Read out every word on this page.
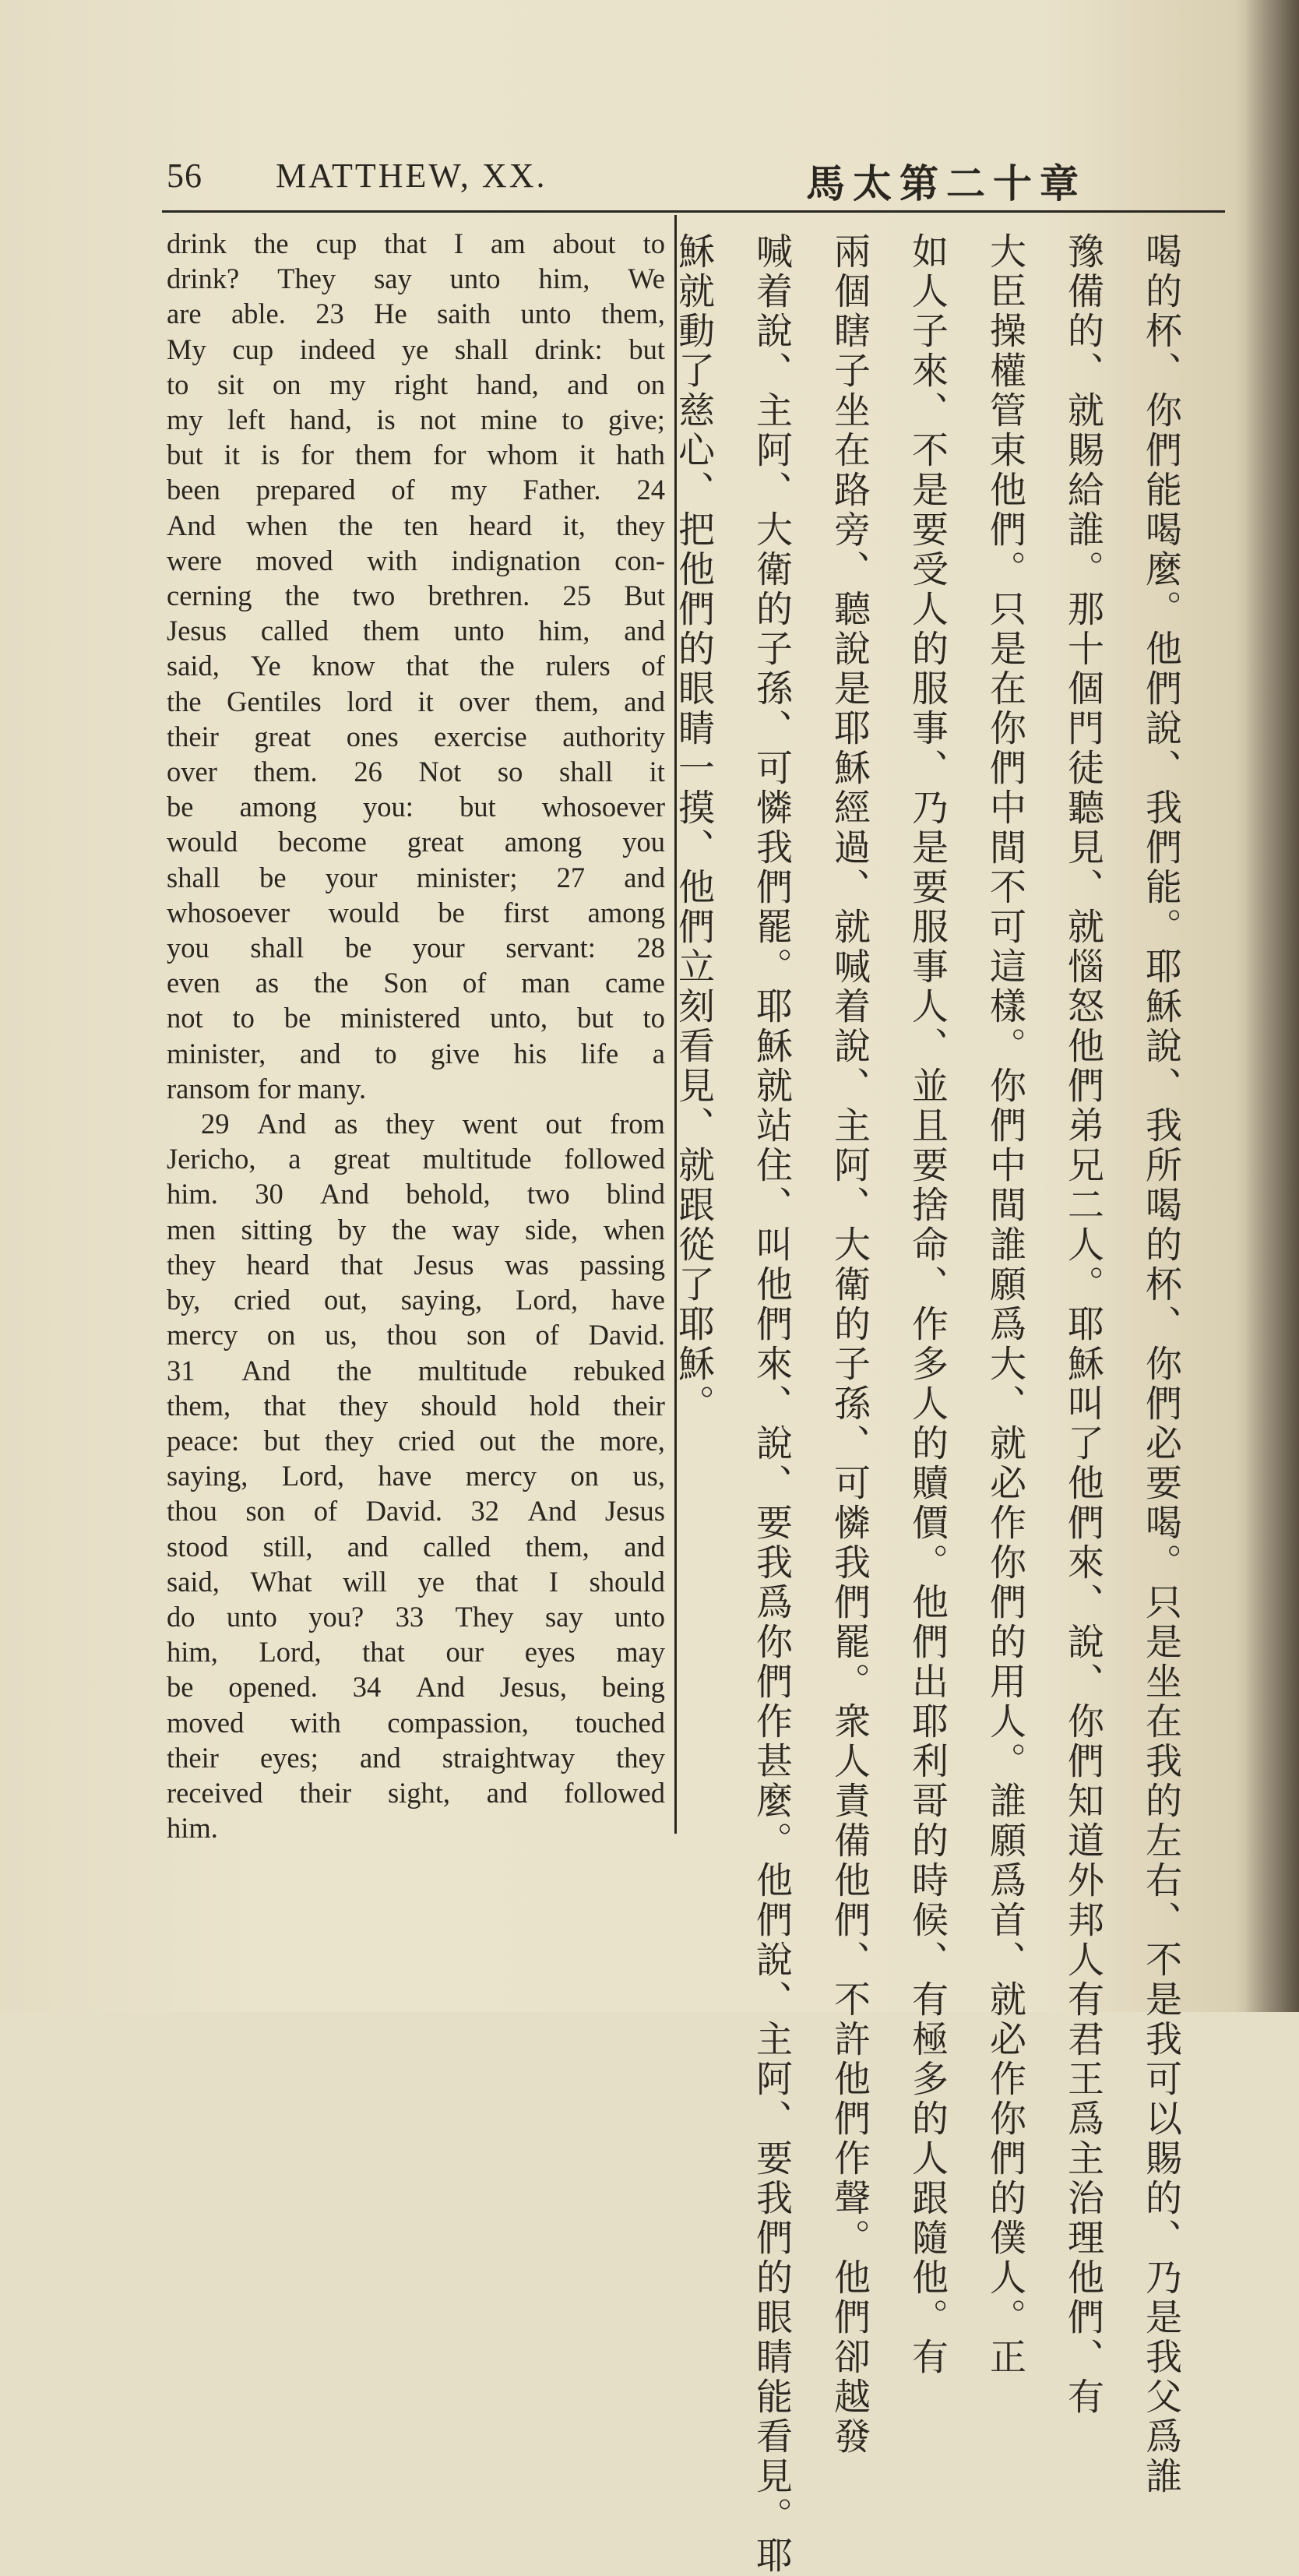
56 MATTHEW, XX.	馬太第二十章
drink the cup that I am about to
drink? They say unto him, We
are able. 23 He saith unto them,
My cup indeed ye shall drink: but
to sit on my right hand, and on
my left hand, is not mine to give;
but it is for them for whom it hath
been prepared of my Father. 24
And when the ten heard it, they
were moved with indignation con-
cerning the two brethren. 25 But
Jesus called them unto him, and
said, Ye know that the rulers of
the Gentiles lord it over them, and
their great ones exercise authority
over them. 26 Not so shall it
be among you: but whosoever
would become great among you
shall be your minister; 27 and
whosoever would be first among
you shall be your servant: 28
even as the Son of man came
not to be ministered unto, but to
minister, and to give his life a
ransom for many.
29 And as they went out from
Jericho, a great multitude followed
him. 30 And behold, two blind
men sitting by the way side, when
they heard that Jesus was passing
by, cried out, saying, Lord, have
mercy on us, thou son of David.
31 And the multitude rebuked
them, that they should hold their
peace: but they cried out the more,
saying, Lord, have mercy on us,
thou son of David. 32 And Jesus
stood still, and called them, and
said, What will ye that I should
do unto you? 33 They say unto
him, Lord, that our eyes may
be opened. 34 And Jesus, being
moved with compassion, touched
their eyes; and straightway they
received their sight, and followed
him.	喝的杯、你們能喝麼。他們說、我們能。耶穌說、我所喝的杯、你們必要喝。只是坐在我的左右、不是我可以賜的、乃是我父爲誰
豫備的、就賜給誰。那十個門徒聽見、就惱怒他們弟兄二人。耶穌叫了他們來、說、你們知道外邦人有君王爲主治理他們、有
大臣操權管束他們。只是在你們中間不可這樣。你們中間誰願爲大、就必作你們的用人。誰願爲首、就必作你們的僕人。正
如人子來、不是要受人的服事、乃是要服事人、並且要捨命、作多人的贖價。他們出耶利哥的時候、有極多的人跟隨他。有
兩個瞎子坐在路旁、聽說是耶穌經過、就喊着說、主阿、大衛的子孫、可憐我們罷。衆人責備他們、不許他們作聲。他們卻越發
喊着說、主阿、大衛的子孫、可憐我們罷。耶穌就站住、叫他們來、說、要我爲你們作甚麼。他們說、主阿、要我們的眼睛能看見。耶
穌就動了慈心、把他們的眼睛一摸、他們立刻看見、就跟從了耶穌。
